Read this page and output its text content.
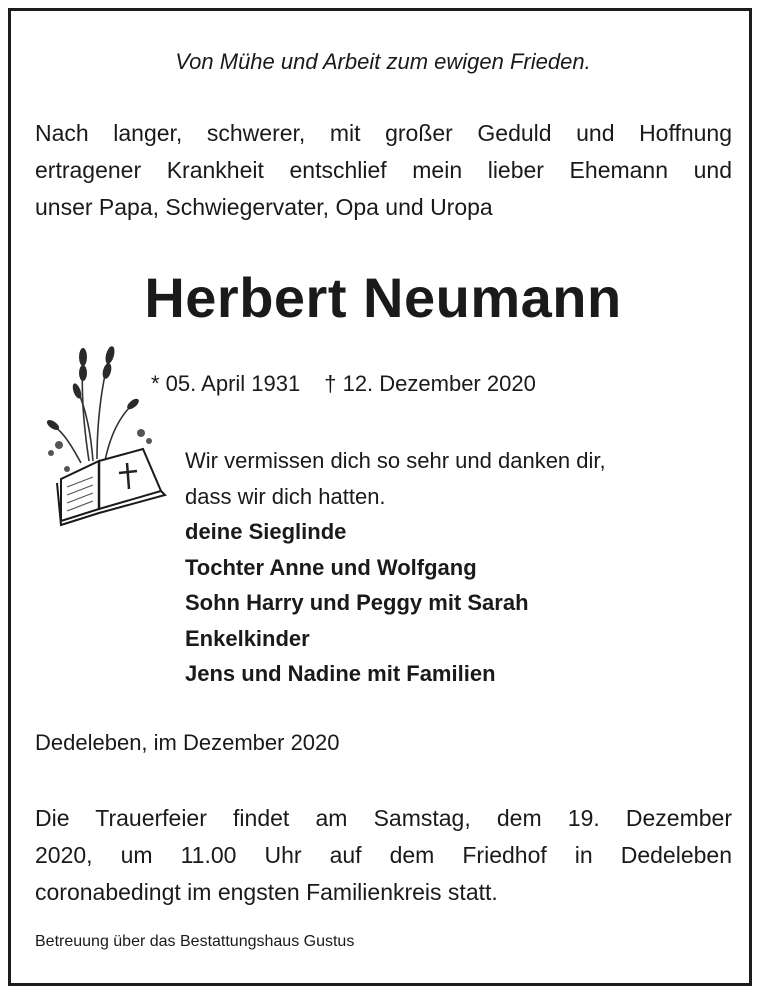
Von Mühe und Arbeit zum ewigen Frieden.
Nach langer, schwerer, mit großer Geduld und Hoffnung
ertragener Krankheit entschlief mein lieber Ehemann und
unser Papa, Schwiegervater, Opa und Uropa
Herbert Neumann
* 05. April 1931 † 12. Dezember 2020
Wir vermissen dich so sehr und danken dir,
dass wir dich hatten.
deine Sieglinde
Tochter Anne und Wolfgang
Sohn Harry und Peggy mit Sarah
Enkelkinder
Jens und Nadine mit Familien
Dedeleben, im Dezember 2020
Die Trauerfeier findet am Samstag, dem 19. Dezember
2020, um 11.00 Uhr auf dem Friedhof in Dedeleben
coronabedingt im engsten Familienkreis statt.
Betreuung über das Bestattungshaus Gustus
